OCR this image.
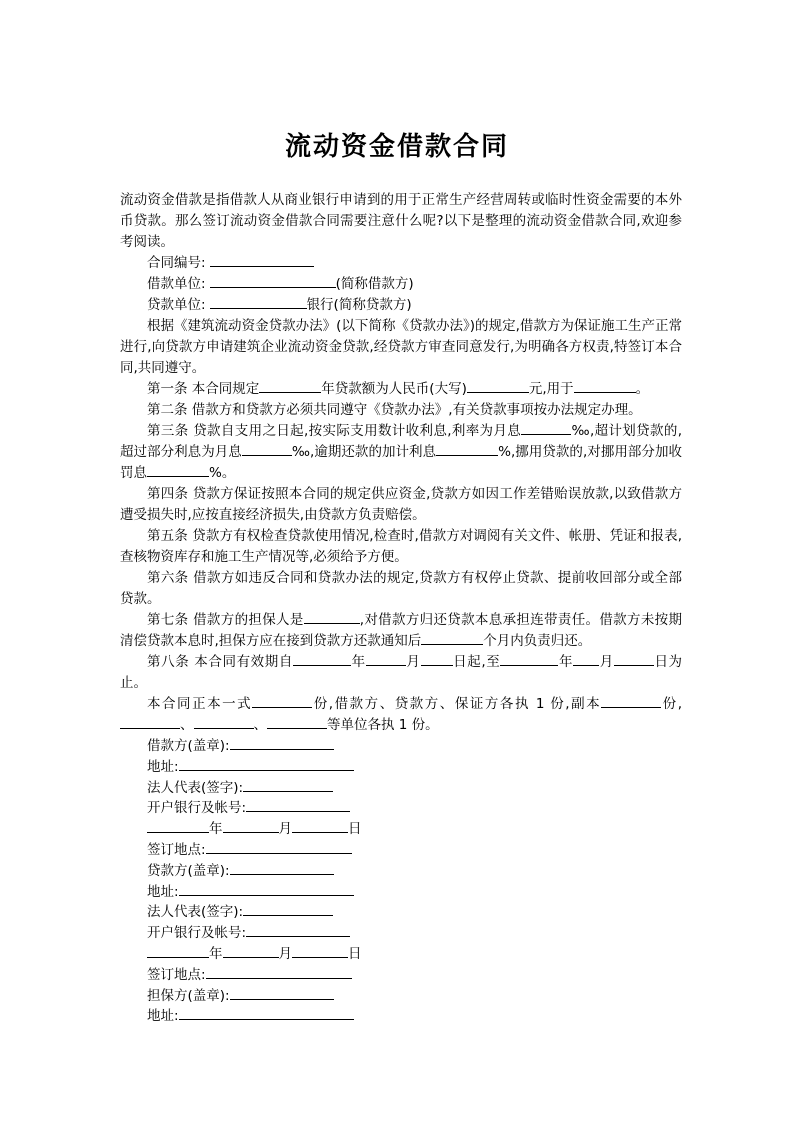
流动资金借款合同

流动资金借款是指借款人从商业银行申请到的用于正常生产经营周转或临时性资金需要的本外币贷款。那么签订流动资金借款合同需要注意什么呢?以下是整理的流动资金借款合同,欢迎参考阅读。

合同编号:

借款单位:	(简称借款方)

贷款单位:	银行(简称贷款方)

根据《建筑流动资金贷款办法》(以下简称《贷款办法》)的规定,借款方为保证施工生产正常进行,向贷款方申请建筑企业流动资金贷款,经贷款方审查同意发行,为明确各方权责,特签订本合同,共同遵守。

第一条 本合同规定	年贷款额为人民币(大写)	元,用于	。

第二条 借款方和贷款方必须共同遵守《贷款办法》,有关贷款事项按办法规定办理。

第三条 贷款自支用之日起,按实际支用数计收利息,利率为月息	‰,超计划贷款的,超过部分利息为月息	‰,逾期还款的加计利息	%,挪用贷款的,对挪用部分加收罚息	%。

第四条 贷款方保证按照本合同的规定供应资金,贷款方如因工作差错贻误放款,以致借款方遭受损失时,应按直接经济损失,由贷款方负责赔偿。

第五条 贷款方有权检查贷款使用情况,检查时,借款方对调阅有关文件、帐册、凭证和报表,查核物资库存和施工生产情况等,必须给予方便。

第六条 借款方如违反合同和贷款办法的规定,贷款方有权停止贷款、提前收回部分或全部贷款。

第七条 借款方的担保人是	,对借款方归还贷款本息承担连带责任。借款方未按期清偿贷款本息时,担保方应在接到贷款方还款通知后	个月内负责归还。

第八条 本合同有效期自	年	月 日起,至	年 月	日为止。

本合同正本一式	份,借款方、贷款方、保证方各执 1 份,副本	份,、	、	等单位各执 1 份。

借款方(盖章):

地址:

法人代表(签字):

开户银行及帐号:

年	月	日

签订地点:

贷款方(盖章):

地址:

法人代表(签字):

开户银行及帐号:

年	月	日

签订地点:

担保方(盖章):

地址:
